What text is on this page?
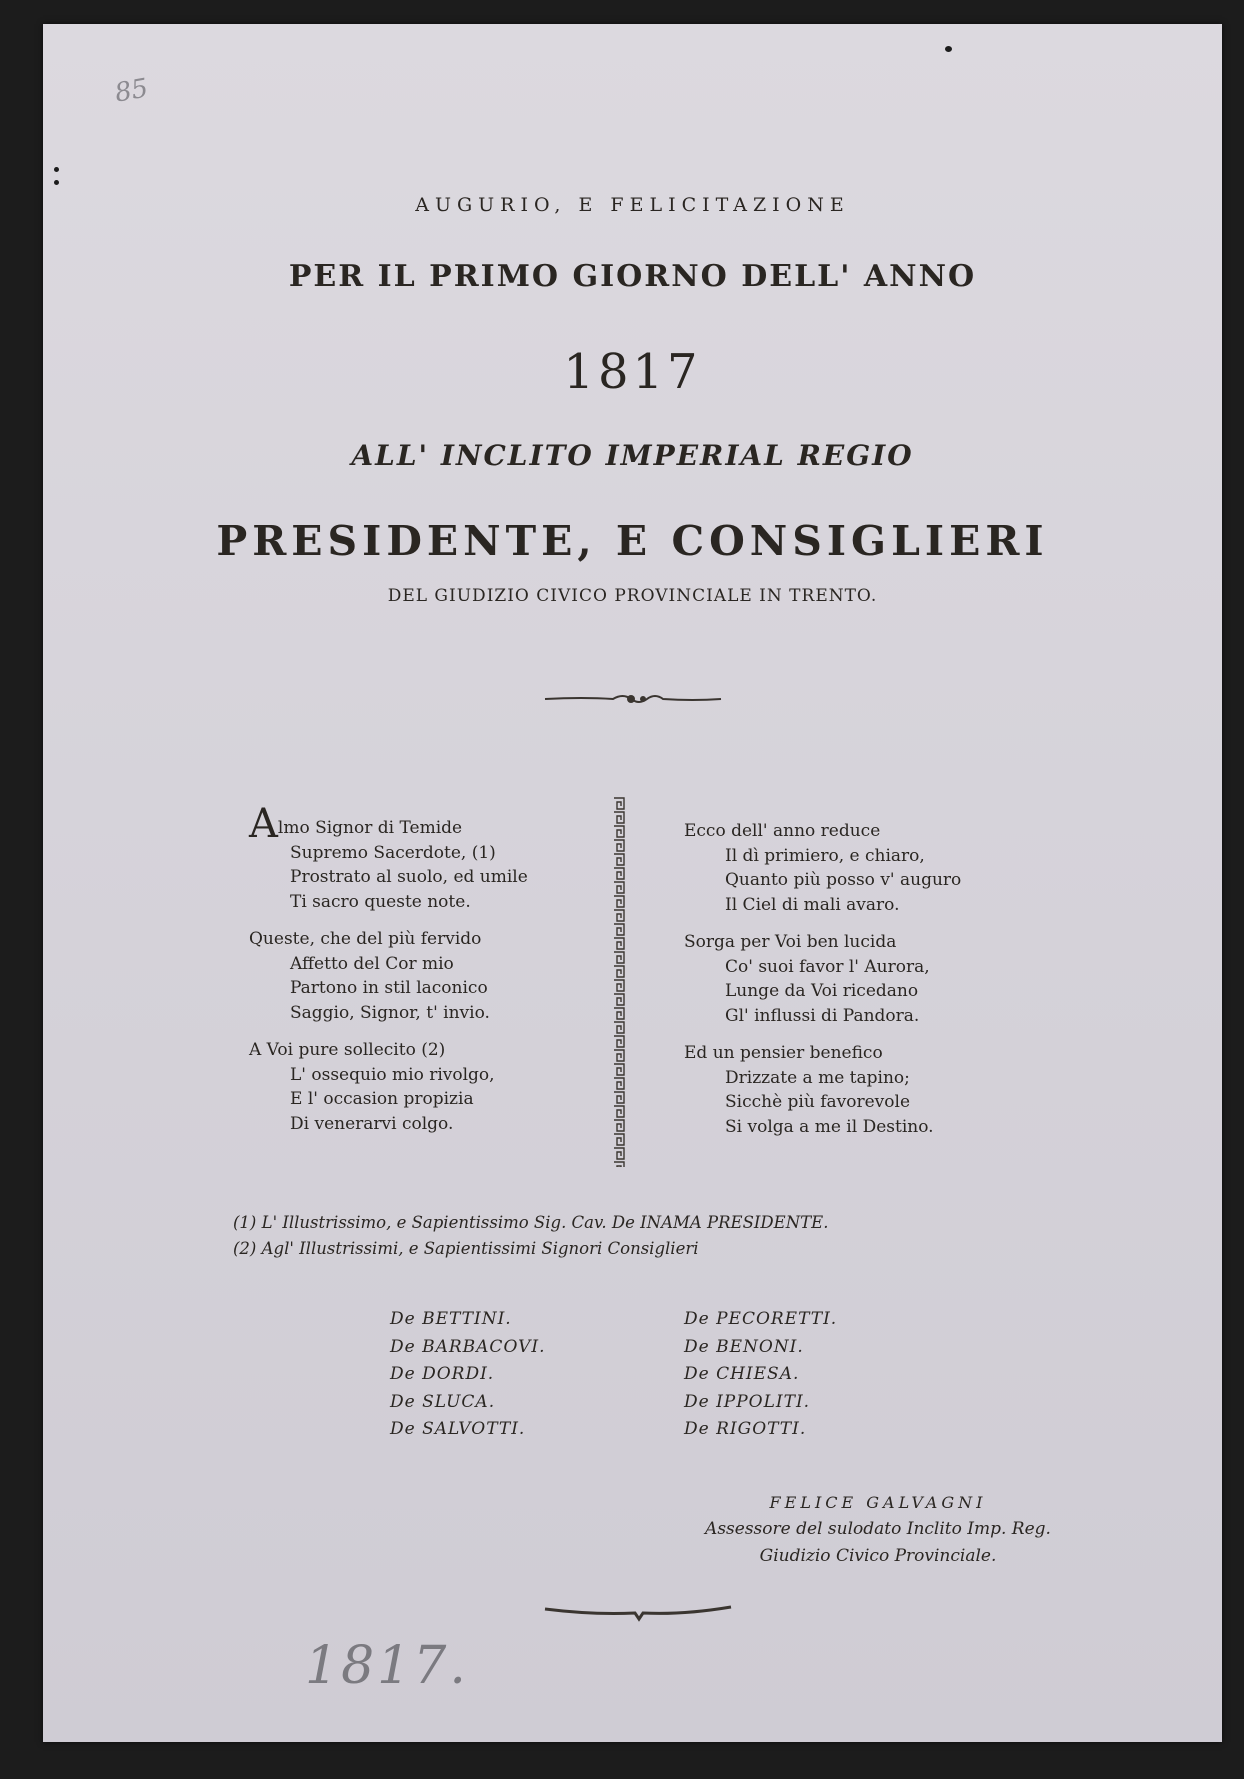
85
AUGURIO, E FELICITAZIONE
PER IL PRIMO GIORNO DELL' ANNO
1817
ALL' INCLITO IMPERIAL REGIO
PRESIDENTE, E CONSIGLIERI
DEL GIUDIZIO CIVICO PROVINCIALE IN TRENTO.
Almo Signor di Temide
Supremo Sacerdote, (1)
Prostrato al suolo, ed umile
Ti sacro queste note.
Queste, che del più fervido
Affetto del Cor mio
Partono in stil laconico
Saggio, Signor, t' invio.
A Voi pure sollecito (2)
L' ossequio mio rivolgo,
E l' occasion propizia
Di venerarvi colgo.
Ecco dell' anno reduce
Il dì primiero, e chiaro,
Quanto più posso v' auguro
Il Ciel di mali avaro.
Sorga per Voi ben lucida
Co' suoi favor l' Aurora,
Lunge da Voi ricedano
Gl' influssi di Pandora.
Ed un pensier benefico
Drizzate a me tapino;
Sicchè più favorevole
Si volga a me il Destino.
(1) L' Illustrissimo, e Sapientissimo Sig. Cav. De INAMA PRESIDENTE.
(2) Agl' Illustrissimi, e Sapientissimi Signori Consiglieri
De BETTINI.
De BARBACOVI.
De DORDI.
De SLUCA.
De SALVOTTI.
De PECORETTI.
De BENONI.
De CHIESA.
De IPPOLITI.
De RIGOTTI.
FELICE GALVAGNI
Assessore del sulodato Inclito Imp. Reg.
Giudizio Civico Provinciale.
1817.
